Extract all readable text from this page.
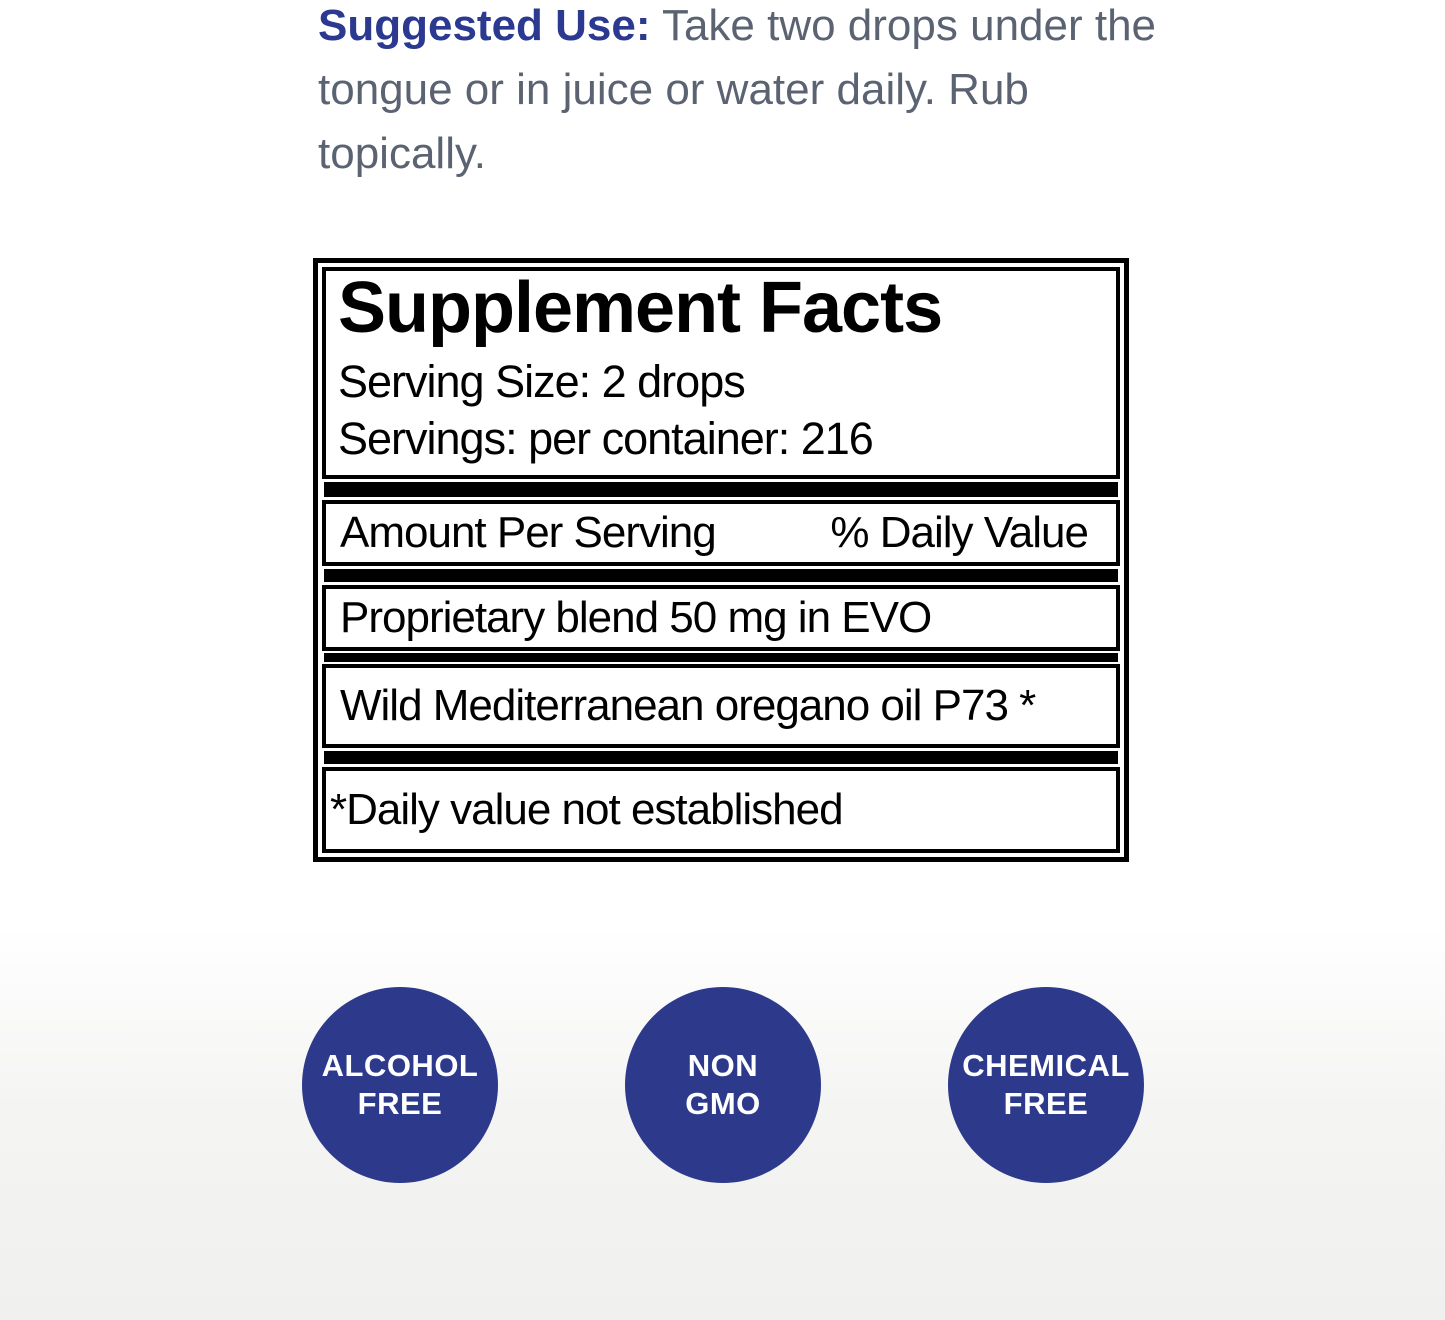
Suggested Use: Take two drops under the tongue or in juice or water daily. Rub topically.

Supplement Facts
Serving Size: 2 drops
Servings: per container: 216
Amount Per Serving	% Daily Value
Proprietary blend 50 mg in EVO
Wild Mediterranean oregano oil P73 *
*Daily value not established
ALCOHOL
FREE
NON
GMO
CHEMICAL
FREE
